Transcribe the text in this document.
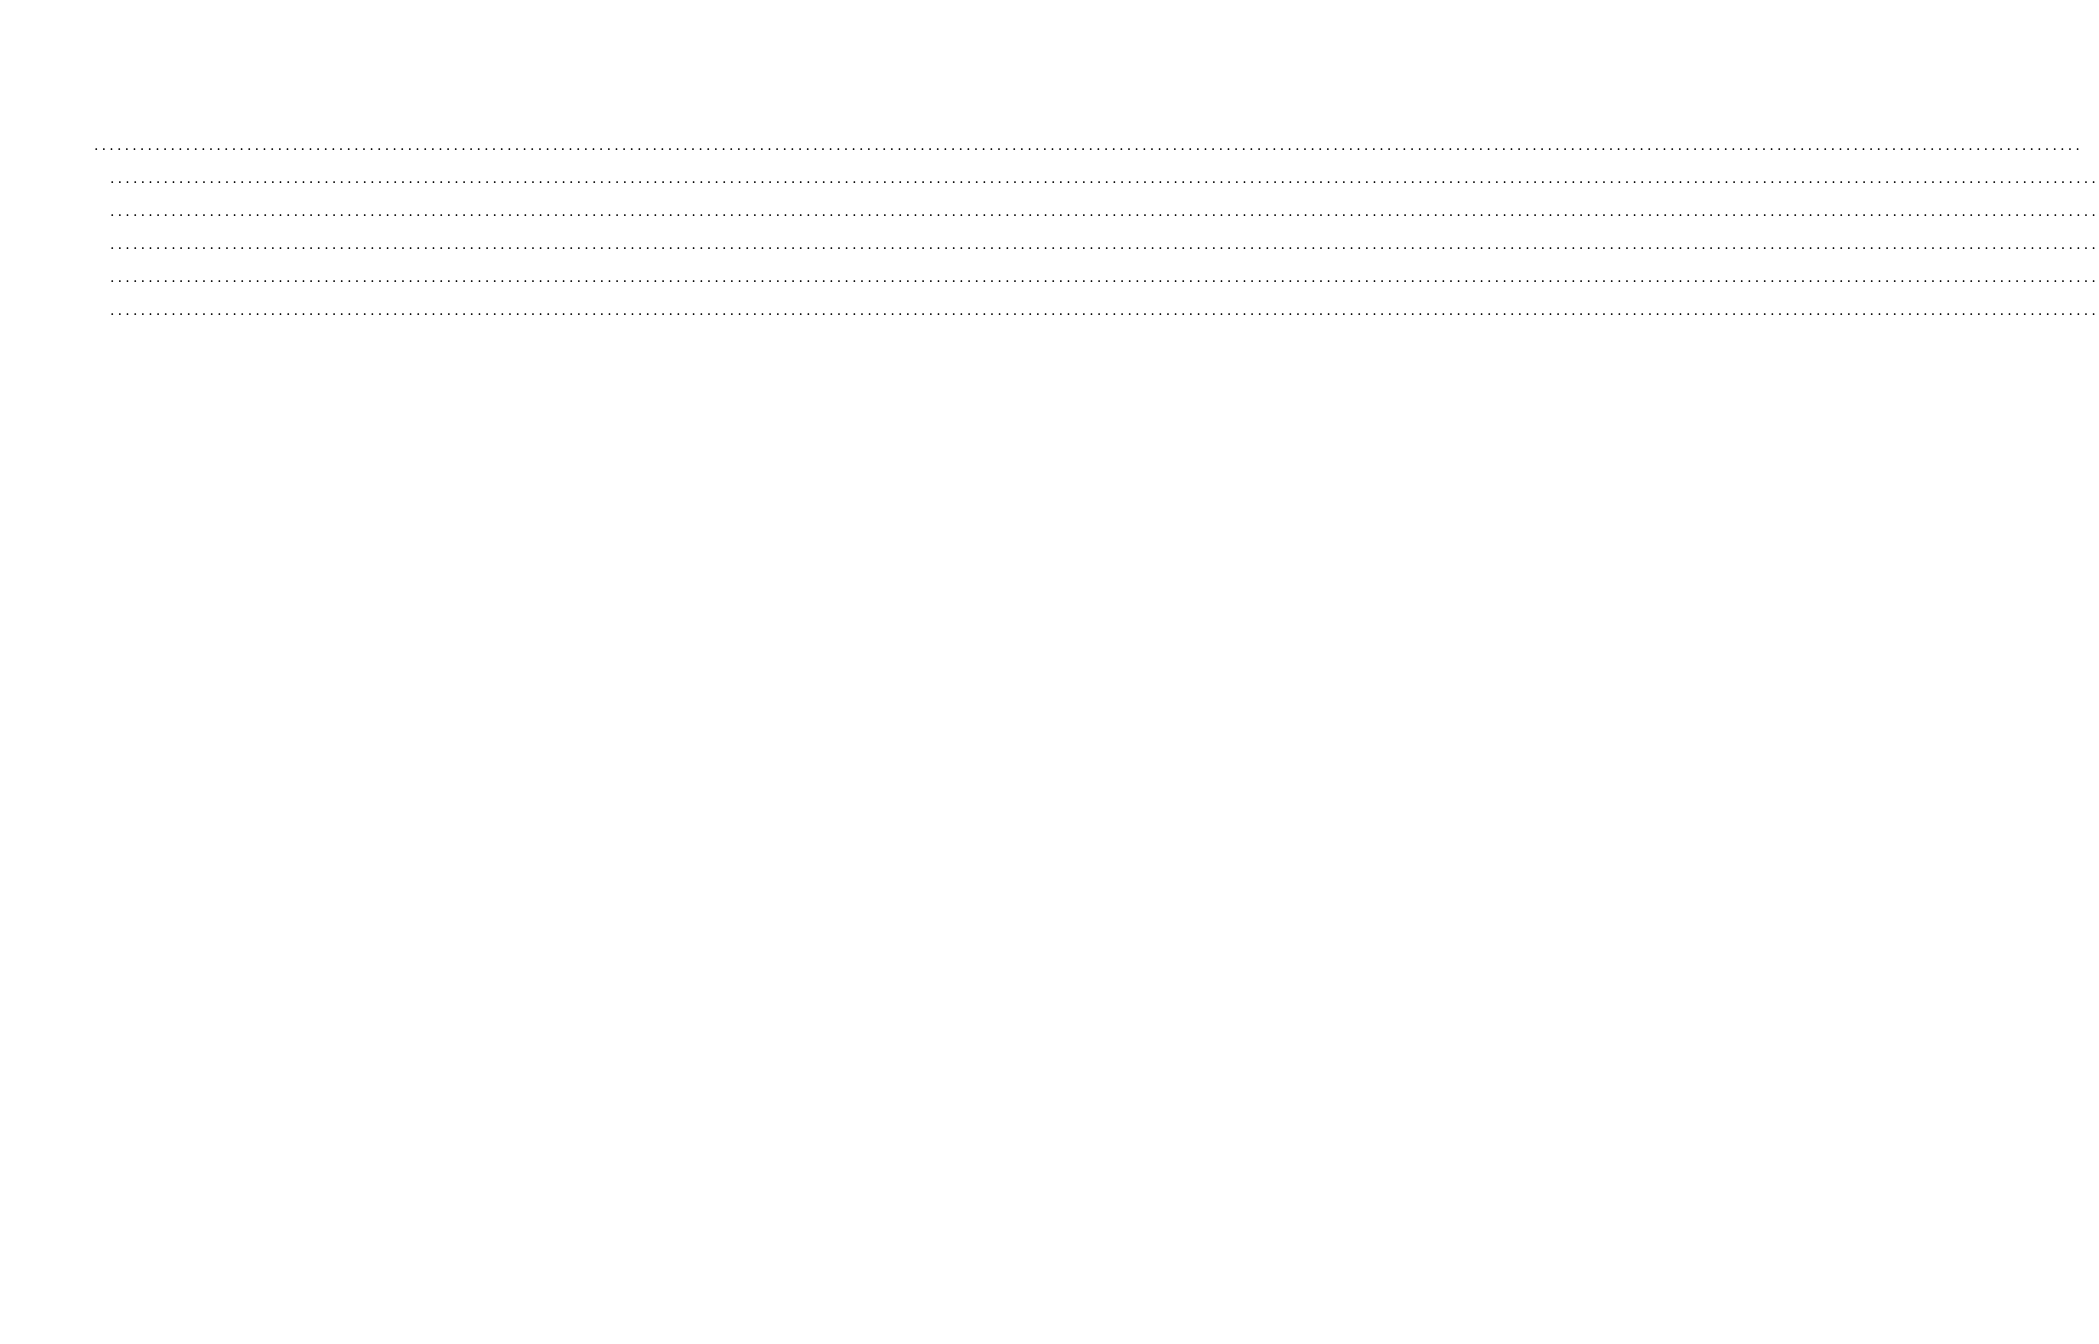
....................................................................................................................................................................................................................................................................
....................................................................................................................................................................................................................................................................
....................................................................................................................................................................................................................................................................
....................................................................................................................................................................................................................................................................
....................................................................................................................................................................................................................................................................
....................................................................................................................................................................................................................................................................
